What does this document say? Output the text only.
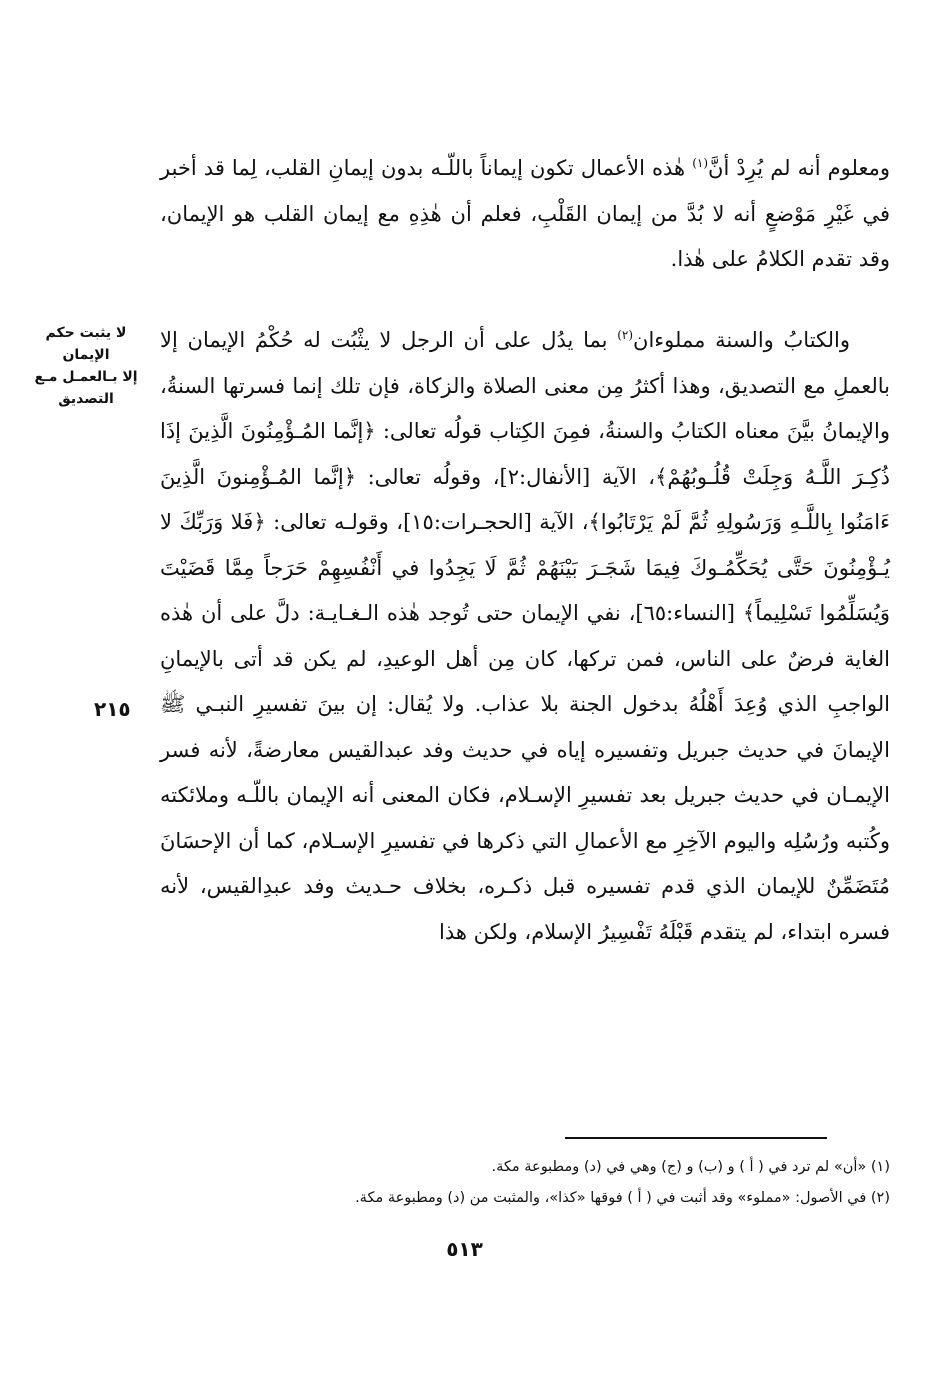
ومعلوم أنه لم يُرِدْ أنَّ$^{(١)}$ هٰذه الأعمال تكون إيماناً باللّـه بدون إيمانِ القلب، لِما قد أخبر في غَيْرِ مَوْضعٍ أنه لا بُدَّ من إيمان القَلْبِ، فعلم أن هٰذِهِ مع إيمان القلب هو الإيمان، وقد تقدم الكلامُ على هٰذا.

والكتابُ والسنة مملوءان$^{(٢)}$ بما يدُل على أن الرجل لا يثْبُت له حُكْمُ الإيمان إلا بالعملِ مع التصديق، وهذا أكثرُ مِن معنى الصلاة والزكاة، فإن تلك إنما فسرتها السنةُ، والإيمانُ بيَّنَ معناه الكتابُ والسنةُ، فمِنَ الكِتاب قولُه تعالى: ﴿إنَّما المُـؤْمِنُونَ الَّذِينَ إذَا ذُكِـرَ اللَّـهُ وَجِلَتْ قُلُـوبُهُمْ﴾، الآية [الأنفال:٢]، وقولُه تعالى: ﴿إنَّما المُـؤْمِنونَ الَّذِينَ ءَامَنُوا بِاللَّـهِ وَرَسُولِهِ ثُمَّ لَمْ يَرْتَابُوا﴾، الآية [الحجـرات:١٥]، وقولـه تعالى: ﴿فَلا وَرَبِّكَ لا يُـؤْمِنُونَ حَتَّى يُحَكِّمُـوكَ فِيمَا شَجَـرَ بَيْنَهُمْ ثُمَّ لَا يَجِدُوا في أَنْفُسِهِمْ حَرَجاً مِمَّا قَضَيْتَ وَيُسَلِّمُوا تَسْلِيماً﴾ [النساء:٦٥]، نفي الإيمان حتى تُوجد هٰذه الـغـايـة: دلَّ على أن هٰذه الغاية فرضٌ على الناس، فمن تركها، كان مِن أهل الوعيدِ، لم يكن قد أتى بالإيمانِ الواجبِ الذي وُعِدَ أَهْلُهُ بدخول الجنة بلا عذاب. ولا يُقال: إن بينَ تفسيرِ النبـي ﷺ الإيمانَ في حديث جبريل وتفسيره إياه في حديث وفد عبدالقيس معارضةً، لأنه فسر الإيمـان في حديث جبريل بعد تفسيرِ الإسـلام، فكان المعنى أنه الإيمان باللّـه وملائكته وكُتبه ورُسُلِه واليوم الآخِرِ مع الأعمالِ التي ذكرها في تفسيرِ الإسـلام، كما أن الإحسَانَ مُتَضَمِّنٌ للإيمان الذي قدم تفسيره قبل ذكـره، بخلاف حـديث وفد عبدِالقيس، لأنه فسره ابتداء، لم يتقدم قَبْلَهُ تَفْسِيرُ الإسلام، ولكن هذا

لا يثبت حكم الإيمان
إلا بـالعمـل مـع
التصديق
٢١٥
(١) «أن» لم ترد في ( أ ) و (ب) و (ج) وهي في (د) ومطبوعة مكة.
(٢) في الأصول: «مملوء» وقد أثبت في ( أ ) فوقها «كذا»، والمثبت من (د) ومطبوعة مكة.
٥١٣
